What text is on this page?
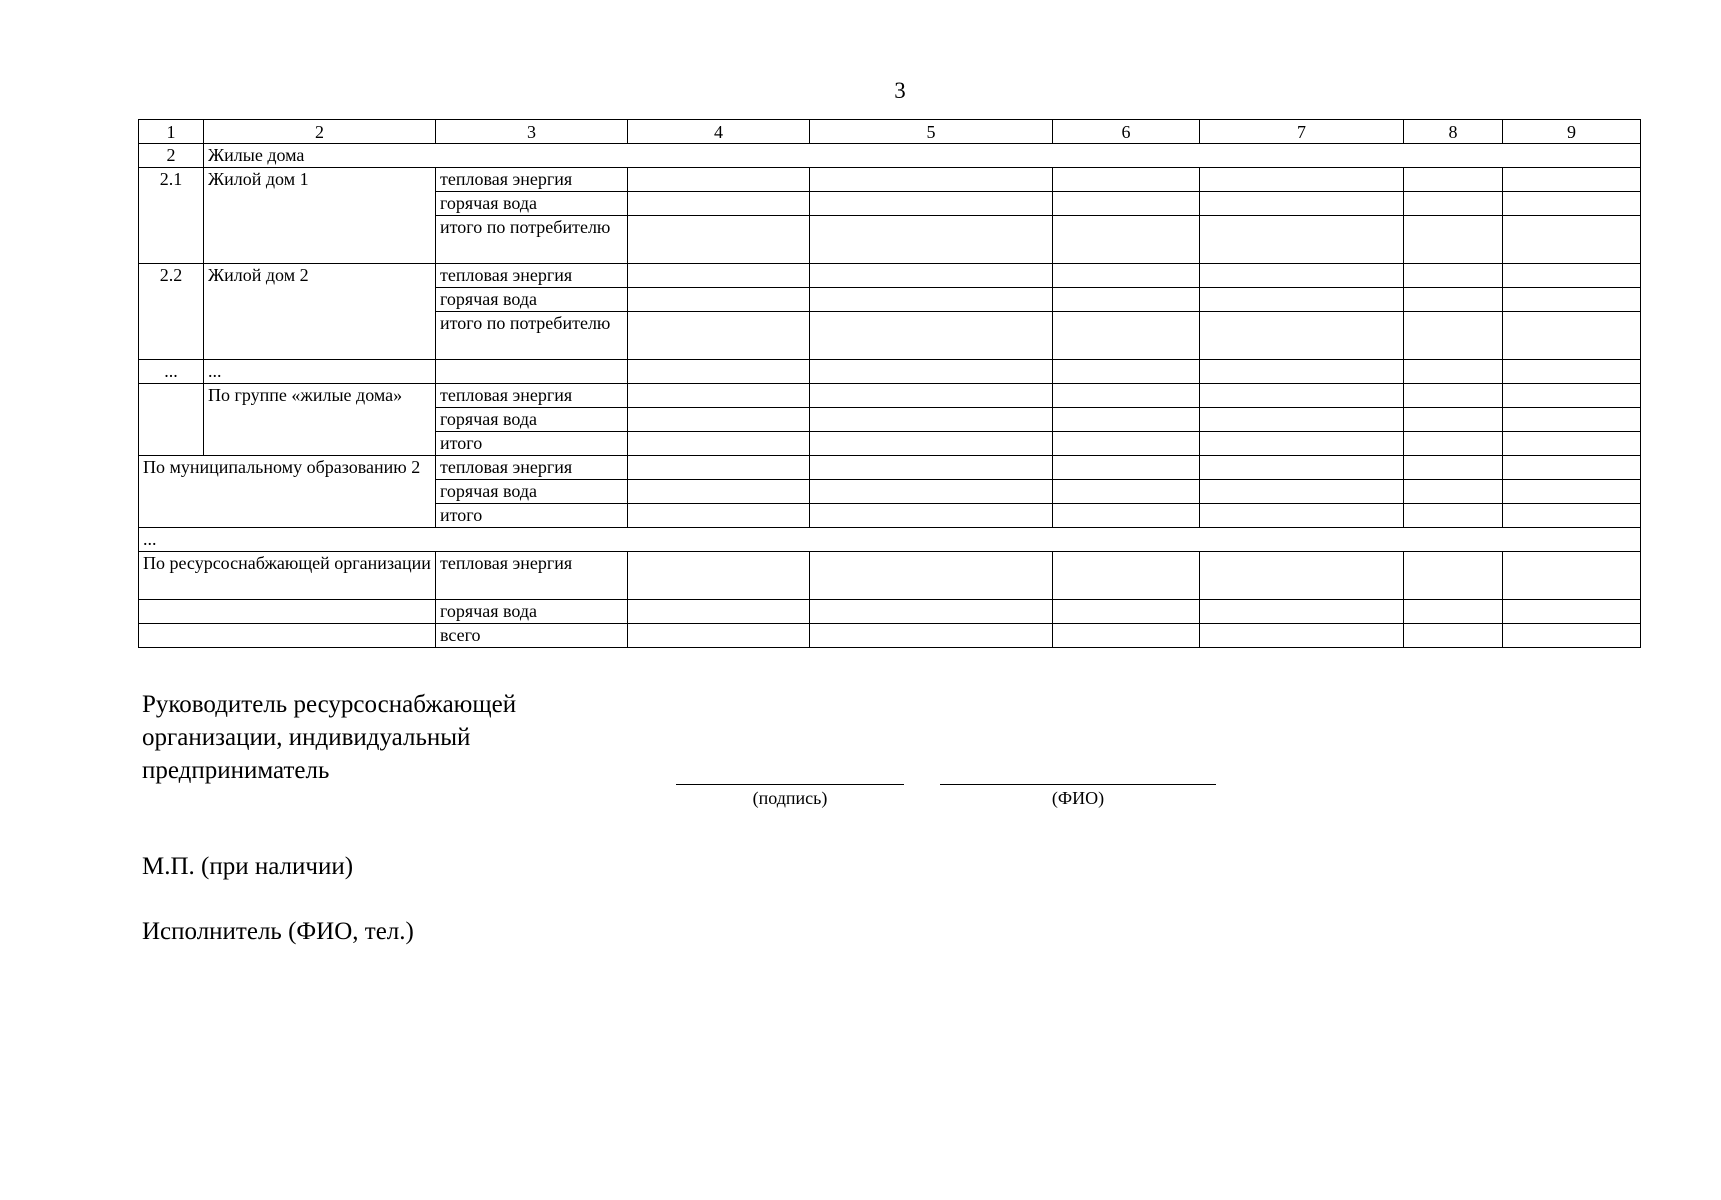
3
1	2	3	4	5	6	7	8	9
2	Жилые дома							
2.1	Жилой дом 1	тепловая энергия						
		горячая вода						
		итого по потребителю						
2.2	Жилой дом 2	тепловая энергия						
		горячая вода						
		итого по потребителю						
...	...							
	По группе «жилые дома»	тепловая энергия						
		горячая вода						
		итого						
По муниципальному образованию 2		тепловая энергия						
		горячая вода						
		итого						
...								
По ресурсоснабжающей организации		тепловая энергия						
		горячая вода						
		всего						
Руководитель ресурсоснабжающей
организации, индивидуальный
предприниматель
(подпись)	(ФИО)
М.П. (при наличии)
Исполнитель (ФИО, тел.)
